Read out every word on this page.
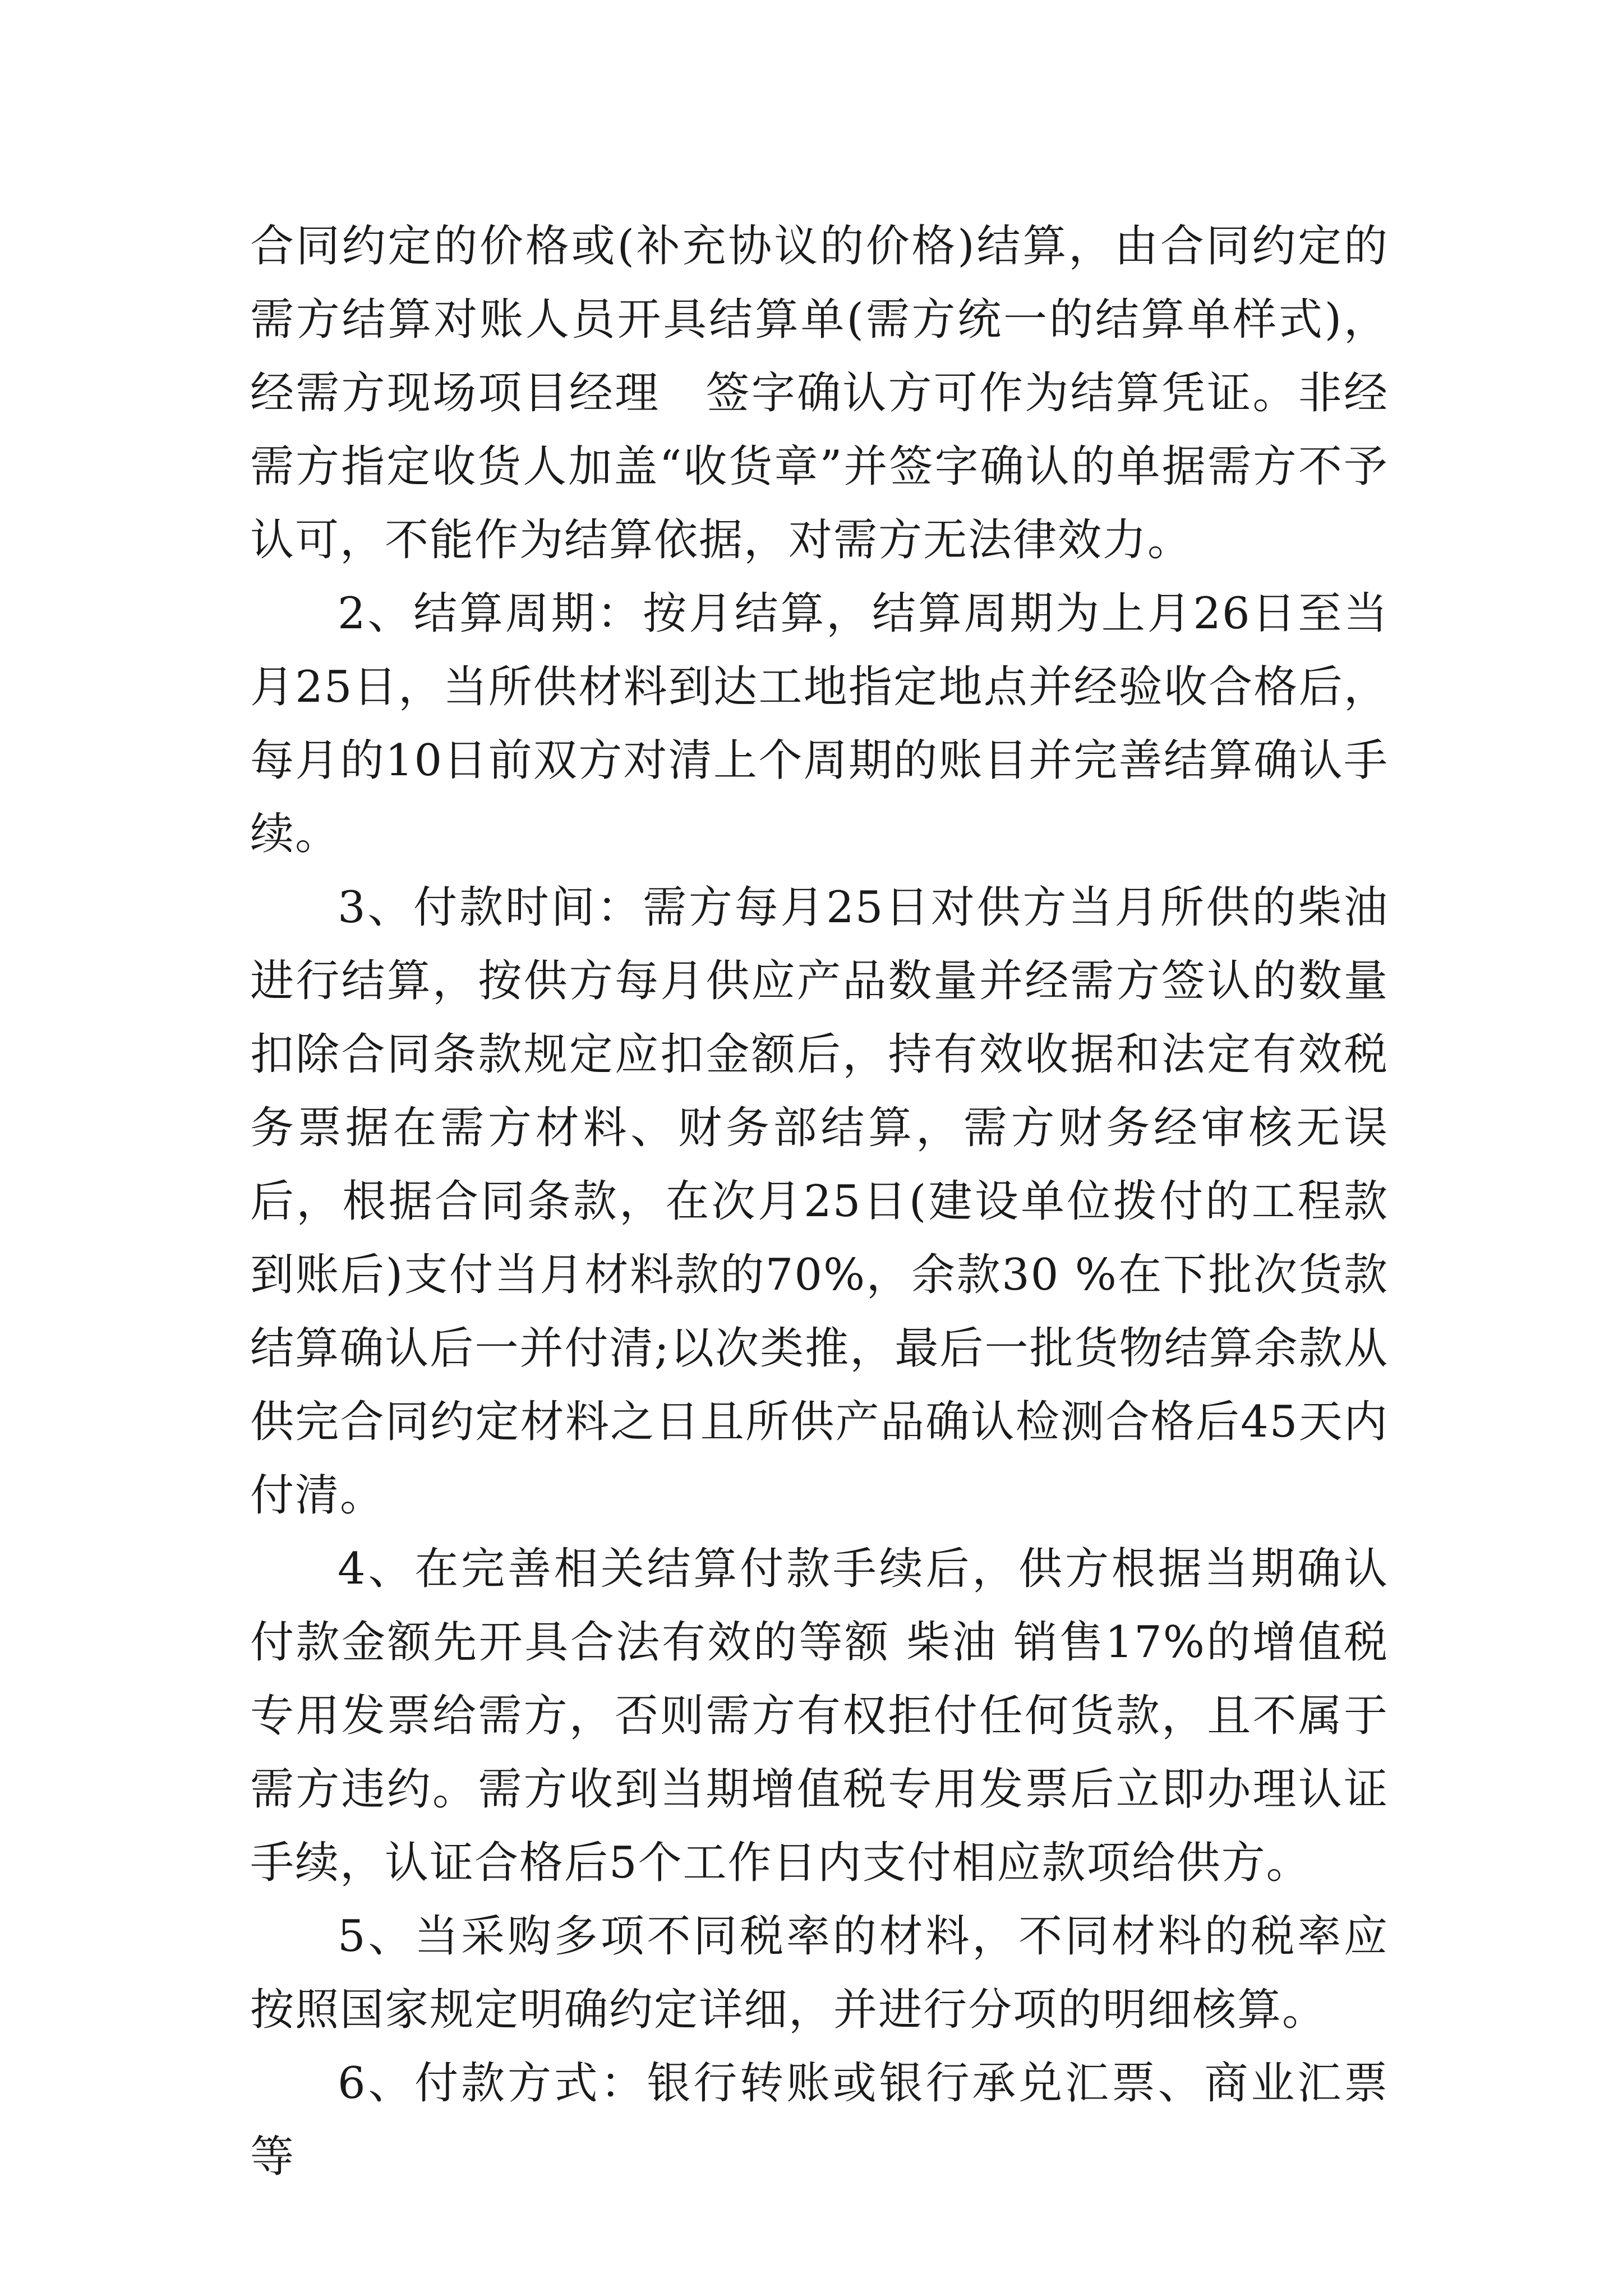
合同约定的价格或(补充协议的价格)结算，由合同约定的需方结算对账人员开具结算单(需方统一的结算单样式)，经需方现场项目经理　签字确认方可作为结算凭证。非经需方指定收货人加盖“收货章”并签字确认的单据需方不予认可，不能作为结算依据，对需方无法律效力。

2、结算周期：按月结算，结算周期为上月26日至当月25日，当所供材料到达工地指定地点并经验收合格后，每月的10日前双方对清上个周期的账目并完善结算确认手续。

3、付款时间：需方每月25日对供方当月所供的柴油进行结算，按供方每月供应产品数量并经需方签认的数量扣除合同条款规定应扣金额后，持有效收据和法定有效税务票据在需方材料、财务部结算，需方财务经审核无误后，根据合同条款，在次月25日(建设单位拨付的工程款到账后)支付当月材料款的70%，余款30 %在下批次货款结算确认后一并付清;以次类推，最后一批货物结算余款从供完合同约定材料之日且所供产品确认检测合格后45天内付清。

4、在完善相关结算付款手续后，供方根据当期确认付款金额先开具合法有效的等额 柴油 销售17%的增值税专用发票给需方，否则需方有权拒付任何货款，且不属于需方违约。需方收到当期增值税专用发票后立即办理认证手续，认证合格后5个工作日内支付相应款项给供方。

5、当采购多项不同税率的材料，不同材料的税率应按照国家规定明确约定详细，并进行分项的明细核算。

6、付款方式：银行转账或银行承兑汇票、商业汇票等
